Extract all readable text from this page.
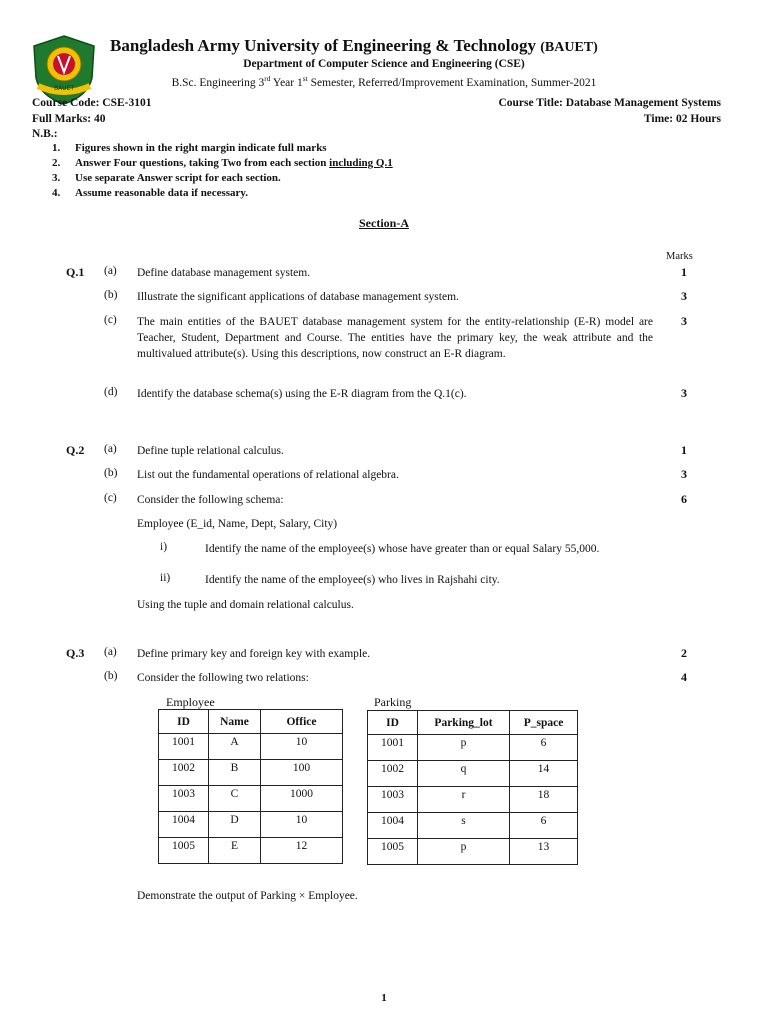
BAUET
Bangladesh Army University of Engineering & Technology (BAUET)
Department of Computer Science and Engineering (CSE)
B.Sc. Engineering 3rd Year 1st Semester, Referred/Improvement Examination, Summer-2021
Course Code: CSE-3101	Course Title: Database Management Systems
Full Marks: 40	Time: 02 Hours
N.B.:
1. Figures shown in the right margin indicate full marks
2. Answer Four questions, taking Two from each section including Q.1
3. Use separate Answer script for each section.
4. Assume reasonable data if necessary.
Section-A
Marks
Q.1 (a) Define database management system.	1
(b) Illustrate the significant applications of database management system.	3
(c) The main entities of the BAUET database management system for the entity-relationship (E-R) model are Teacher, Student, Department and Course. The entities have the primary key, the weak attribute and the multivalued attribute(s). Using this descriptions, now construct an E-R diagram.
3
(d) Identify the database schema(s) using the E-R diagram from the Q.1(c).	3
Q.2 (a) Define tuple relational calculus.	1
(b) List out the fundamental operations of relational algebra.	3
(c) Consider the following schema:	6
Employee (E_id, Name, Dept, Salary, City)
i)	Identify the name of the employee(s) whose have greater than or equal Salary 55,000.
ii)	Identify the name of the employee(s) who lives in Rajshahi city.
Using the tuple and domain relational calculus.
Q.3 (a) Define primary key and foreign key with example.	2
(b) Consider the following two relations:	4
Employee
ID	Name	Office
1001	A	10
1002	B	100
1003	C	1000
1004	D	10
1005	E	12
Parking
ID	Parking_lot	P_space
1001	p	6
1002	q	14
1003	r	18
1004	s	6
1005	p	13
Demonstrate the output of Parking × Employee.
1
